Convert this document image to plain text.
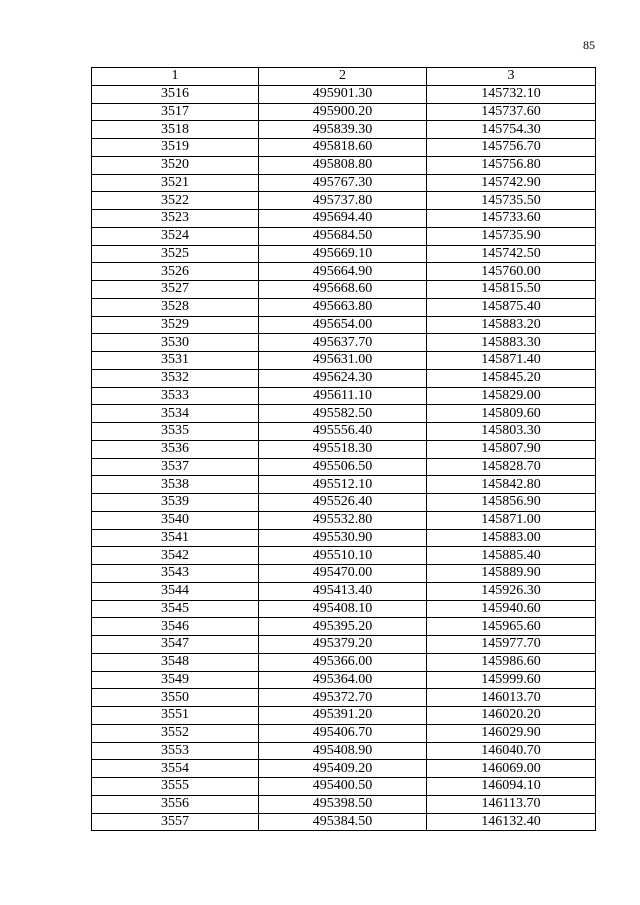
85
1	2	3
3516	495901.30	145732.10
3517	495900.20	145737.60
3518	495839.30	145754.30
3519	495818.60	145756.70
3520	495808.80	145756.80
3521	495767.30	145742.90
3522	495737.80	145735.50
3523	495694.40	145733.60
3524	495684.50	145735.90
3525	495669.10	145742.50
3526	495664.90	145760.00
3527	495668.60	145815.50
3528	495663.80	145875.40
3529	495654.00	145883.20
3530	495637.70	145883.30
3531	495631.00	145871.40
3532	495624.30	145845.20
3533	495611.10	145829.00
3534	495582.50	145809.60
3535	495556.40	145803.30
3536	495518.30	145807.90
3537	495506.50	145828.70
3538	495512.10	145842.80
3539	495526.40	145856.90
3540	495532.80	145871.00
3541	495530.90	145883.00
3542	495510.10	145885.40
3543	495470.00	145889.90
3544	495413.40	145926.30
3545	495408.10	145940.60
3546	495395.20	145965.60
3547	495379.20	145977.70
3548	495366.00	145986.60
3549	495364.00	145999.60
3550	495372.70	146013.70
3551	495391.20	146020.20
3552	495406.70	146029.90
3553	495408.90	146040.70
3554	495409.20	146069.00
3555	495400.50	146094.10
3556	495398.50	146113.70
3557	495384.50	146132.40
